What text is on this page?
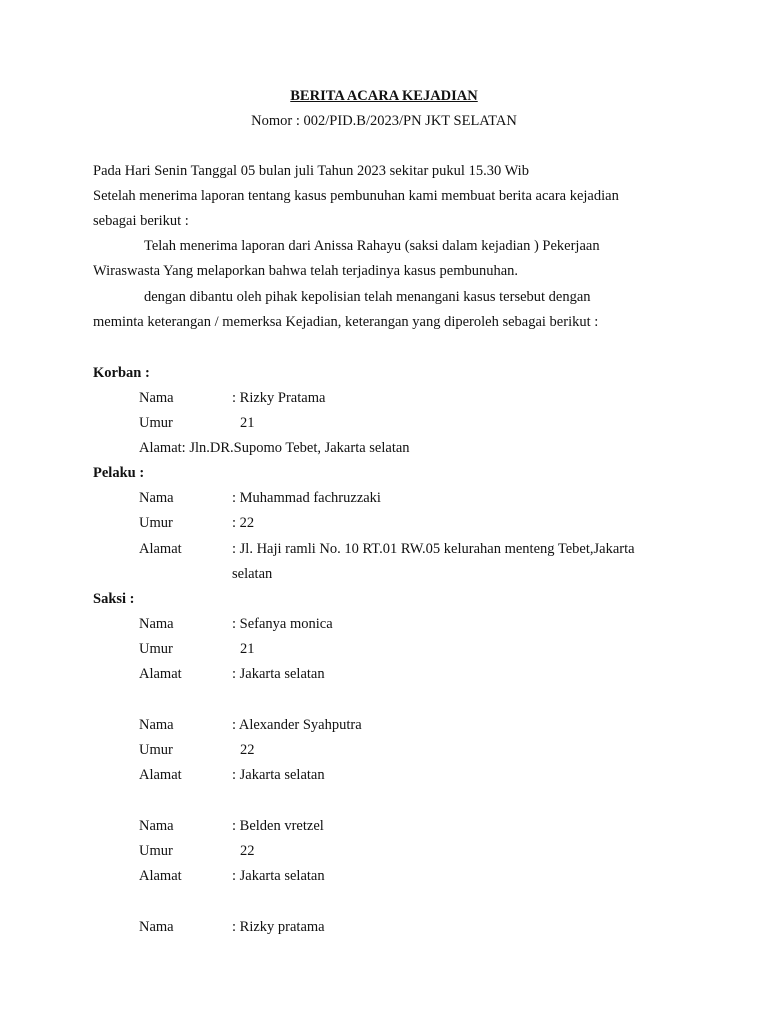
BERITA ACARA KEJADIAN
Nomor : 002/PID.B/2023/PN JKT SELATAN
Pada Hari Senin Tanggal 05 bulan juli Tahun 2023 sekitar pukul 15.30 Wib
Setelah menerima laporan tentang kasus pembunuhan kami membuat berita acara kejadian
sebagai berikut :
Telah menerima laporan dari Anissa Rahayu (saksi dalam kejadian ) Pekerjaan
Wiraswasta Yang melaporkan bahwa telah terjadinya kasus pembunuhan.
dengan dibantu oleh pihak kepolisian telah menangani kasus tersebut dengan
meminta keterangan / memerksa Kejadian, keterangan yang diperoleh sebagai berikut :
Korban :
Nama	: Rizky Pratama
Umur	21
Alamat: Jln.DR.Supomo Tebet, Jakarta selatan
Pelaku :
Nama	: Muhammad fachruzzaki
Umur	: 22
Alamat	: Jl. Haji ramli No. 10 RT.01 RW.05 kelurahan menteng Tebet,Jakarta
selatan
Saksi :
Nama	: Sefanya monica
Umur	21
Alamat	: Jakarta selatan
Nama	: Alexander Syahputra
Umur	22
Alamat	: Jakarta selatan
Nama	: Belden vretzel
Umur	22
Alamat	: Jakarta selatan
Nama	: Rizky pratama
